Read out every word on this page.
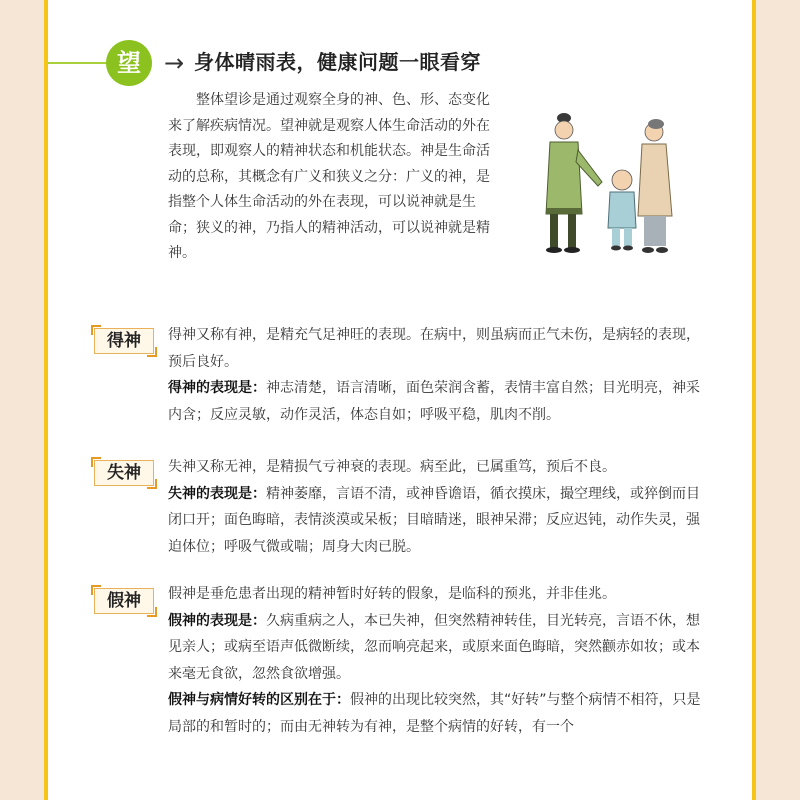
望 → 身体晴雨表，健康问题一眼看穿
整体望诊是通过观察全身的神、色、形、态变化来了解疾病情况。望神就是观察人体生命活动的外在表现，即观察人的精神状态和机能状态。神是生命活动的总称，其概念有广义和狭义之分：广义的神，是指整个人体生命活动的外在表现，可以说神就是生命；狭义的神，乃指人的精神活动，可以说神就是精神。
得神	得神又称有神，是精充气足神旺的表现。在病中，则虽病而正气未伤，是病轻的表现，预后良好。

得神的表现是：神志清楚，语言清晰，面色荣润含蓄，表情丰富自然；目光明亮，神采内含；反应灵敏，动作灵活，体态自如；呼吸平稳，肌肉不削。

失神	失神又称无神，是精损气亏神衰的表现。病至此，已属重笃，预后不良。

失神的表现是：精神萎靡，言语不清，或神昏谵语，循衣摸床，撮空理线，或猝倒而目闭口开；面色晦暗，表情淡漠或呆板；目暗睛迷，眼神呆滞；反应迟钝，动作失灵，强迫体位；呼吸气微或喘；周身大肉已脱。

假神	假神是垂危患者出现的精神暂时好转的假象，是临科的预兆，并非佳兆。

假神的表现是：久病重病之人，本已失神，但突然精神转佳，目光转亮，言语不休，想见亲人；或病至语声低微断续，忽而响亮起来，或原来面色晦暗，突然颧赤如妆；或本来毫无食欲，忽然食欲增强。

假神与病情好转的区别在于：假神的出现比较突然，其“好转”与整个病情不相符，只是局部的和暂时的；而由无神转为有神，是整个病情的好转，有一个
